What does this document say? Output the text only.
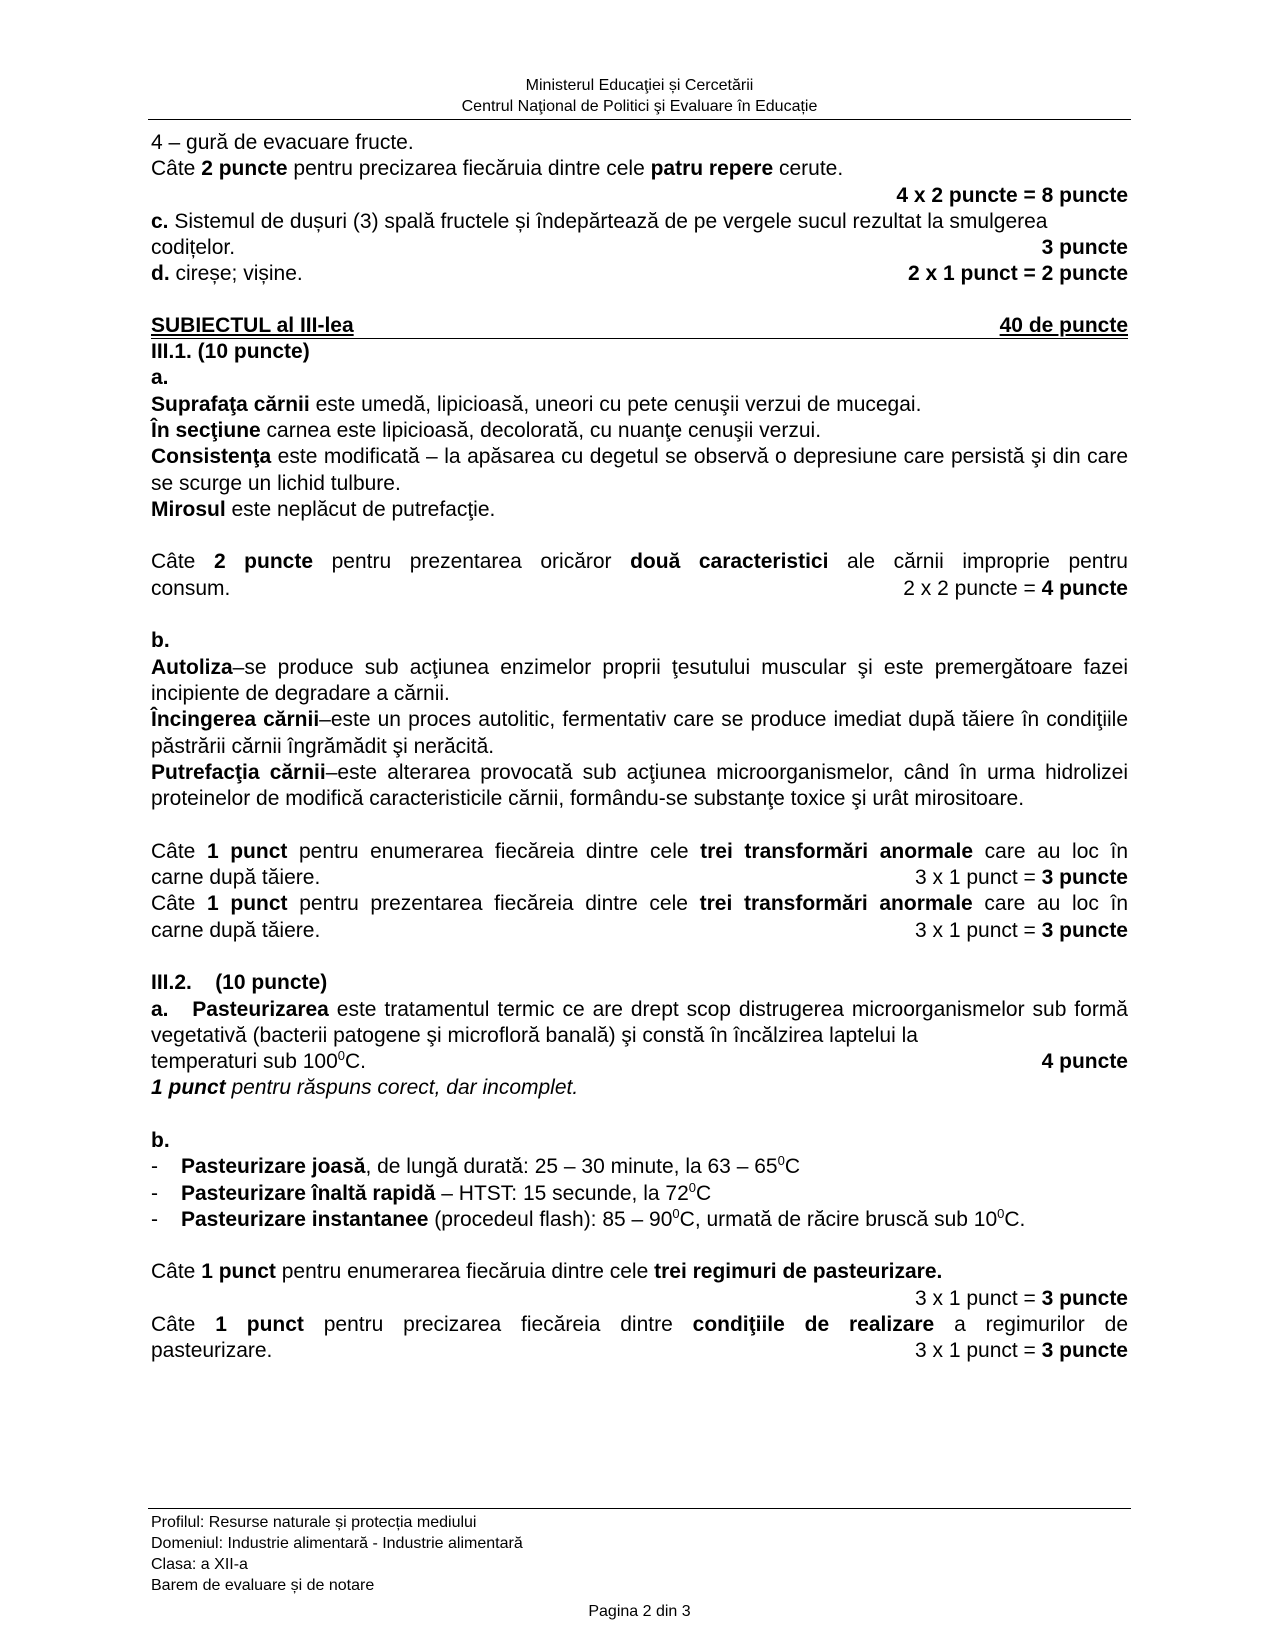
Ministerul Educaţiei și Cercetării
Centrul Naţional de Politici şi Evaluare în Educație

4 – gură de evacuare fructe.

Câte 2 puncte pentru precizarea fiecăruia dintre cele patru repere cerute.

4 x 2 puncte = 8 puncte

c. Sistemul de dușuri (3) spală fructele și îndepărtează de pe vergele sucul rezultat la smulgerea

codițelor.	3 puncte
d. cireșe; vișine.	2 x 1 punct = 2 puncte
SUBIECTUL al III-lea	40 de puncte

III.1. (10 puncte)

a.

Suprafaţa cărnii este umedă, lipicioasă, uneori cu pete cenuşii verzui de mucegai.

În secţiune carnea este lipicioasă, decolorată, cu nuanţe cenuşii verzui.

Consistenţa este modificată – la apăsarea cu degetul se observă o depresiune care persistă şi din care se scurge un lichid tulbure.

Mirosul este neplăcut de putrefacţie.

Câte 2 puncte pentru prezentarea oricăror două caracteristici ale cărnii improprie pentru

consum.	2 x 2 puncte = 4 puncte

b.

Autoliza–se produce sub acţiunea enzimelor proprii ţesutului muscular şi este premergătoare fazei incipiente de degradare a cărnii.

Încingerea cărnii–este un proces autolitic, fermentativ care se produce imediat după tăiere în condiţiile păstrării cărnii îngrămădit şi nerăcită.

Putrefacţia cărnii–este alterarea provocată sub acţiunea microorganismelor, când în urma hidrolizei proteinelor de modifică caracteristicile cărnii, formându-se substanţe toxice şi urât mirositoare.

Câte 1 punct pentru enumerarea fiecăreia dintre cele trei transformări anormale care au loc în

carne după tăiere.	3 x 1 punct = 3 puncte

Câte 1 punct pentru prezentarea fiecăreia dintre cele trei transformări anormale care au loc în

carne după tăiere.	3 x 1 punct = 3 puncte

III.2.    (10 puncte)

a. Pasteurizarea este tratamentul termic ce are drept scop distrugerea microorganismelor sub formă vegetativă (bacterii patogene şi microfloră banală) şi constă în încălzirea laptelui la

temperaturi sub $100^0C$.	4 puncte

1 punct pentru răspuns corect, dar incomplet.

b.

-	Pasteurizare joasă, de lungă durată: 25 – 30 minute, la $63 - 65^0C$
-	Pasteurizare înaltă rapidă – HTST: 15 secunde, la $72^0C$
-	Pasteurizare instantanee (procedeul flash): $85 - 90^0C$, urmată de răcire bruscă sub $10^0C$.

Câte 1 punct pentru enumerarea fiecăruia dintre cele trei regimuri de pasteurizare.

3 x 1 punct = 3 puncte

Câte 1 punct pentru precizarea fiecăreia dintre condiţiile de realizare a regimurilor de

pasteurizare.	3 x 1 punct = 3 puncte
Profilul: Resurse naturale și protecția mediului
Domeniul: Industrie alimentară - Industrie alimentară
Clasa: a XII-a
Barem de evaluare și de notare
Pagina 2 din 3
